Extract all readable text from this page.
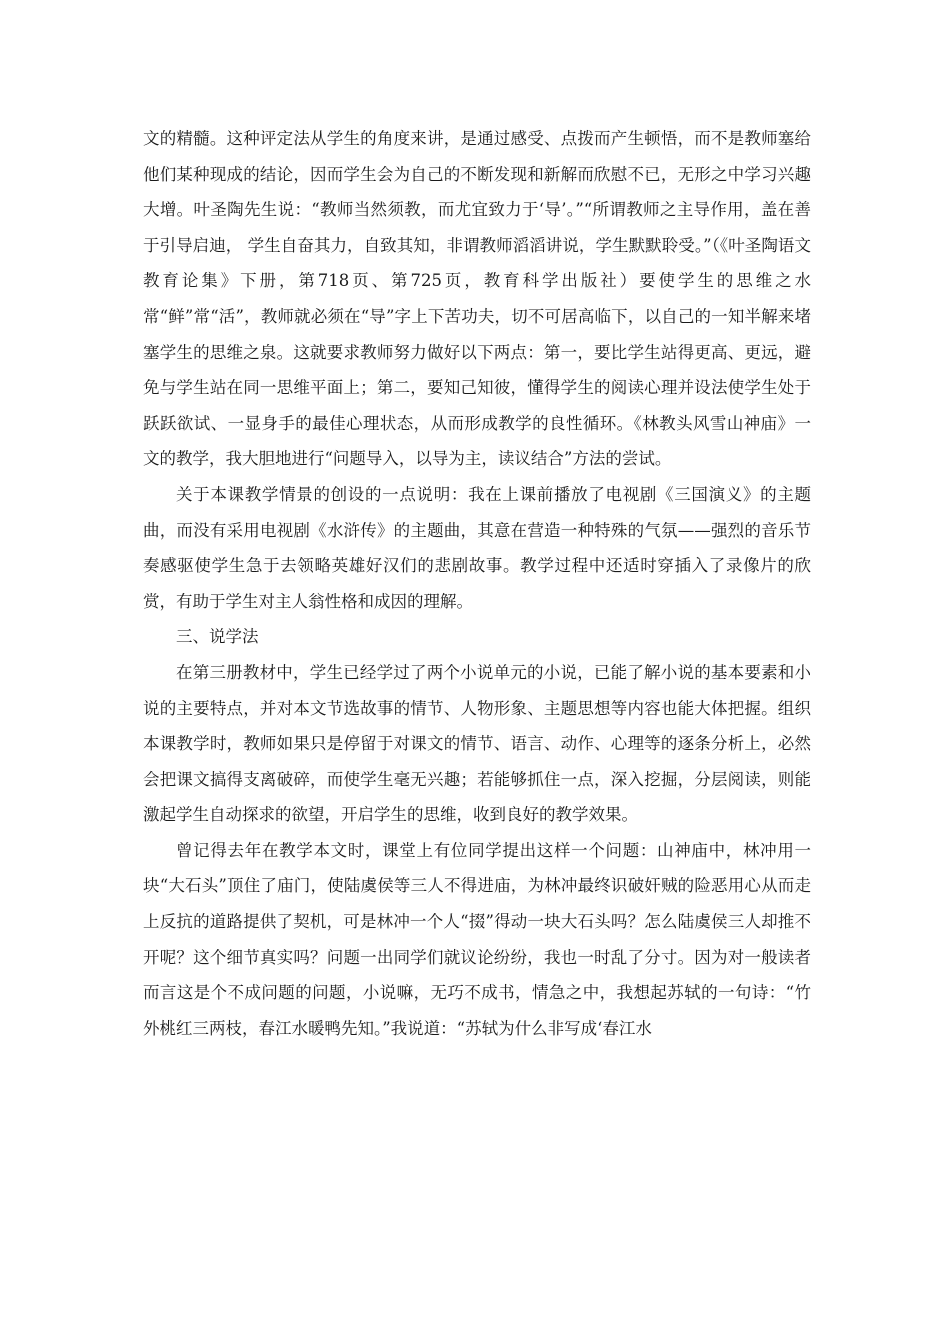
文的精髓。这种评定法从学生的角度来讲，是通过感受、点拨而产生顿悟，而不是教师塞给他们某种现成的结论，因而学生会为自己的不断发现和新解而欣慰不已，无形之中学习兴趣大增。叶圣陶先生说：“教师当然须教，而尤宜致力于‘导’。”“所谓教师之主导作用，盖在善于引导启迪， 学生自奋其力，自致其知，非谓教师滔滔讲说，学生默默聆受。”（《叶圣陶语文教育论集》下册，第718页、第725页，教育科学出版社）要使学生的思维之水常“鲜”常“活”，教师就必须在“导”字上下苦功夫，切不可居高临下，以自己的一知半解来堵塞学生的思维之泉。这就要求教师努力做好以下两点：第一，要比学生站得更高、更远，避免与学生站在同一思维平面上；第二，要知己知彼，懂得学生的阅读心理并设法使学生处于跃跃欲试、一显身手的最佳心理状态，从而形成教学的良性循环。《林教头风雪山神庙》一文的教学，我大胆地进行“问题导入，以导为主，读议结合”方法的尝试。

关于本课教学情景的创设的一点说明：我在上课前播放了电视剧《三国演义》的主题曲，而没有采用电视剧《水浒传》的主题曲，其意在营造一种特殊的气氛——强烈的音乐节奏感驱使学生急于去领略英雄好汉们的悲剧故事。教学过程中还适时穿插入了录像片的欣赏，有助于学生对主人翁性格和成因的理解。

三、说学法

在第三册教材中，学生已经学过了两个小说单元的小说，已能了解小说的基本要素和小说的主要特点，并对本文节选故事的情节、人物形象、主题思想等内容也能大体把握。组织本课教学时，教师如果只是停留于对课文的情节、语言、动作、心理等的逐条分析上，必然会把课文搞得支离破碎，而使学生毫无兴趣；若能够抓住一点，深入挖掘，分层阅读，则能激起学生自动探求的欲望，开启学生的思维，收到良好的教学效果。

曾记得去年在教学本文时，课堂上有位同学提出这样一个问题：山神庙中，林冲用一块“大石头”顶住了庙门，使陆虞侯等三人不得进庙，为林冲最终识破奸贼的险恶用心从而走上反抗的道路提供了契机，可是林冲一个人“掇”得动一块大石头吗？怎么陆虞侯三人却推不开呢？这个细节真实吗？问题一出同学们就议论纷纷，我也一时乱了分寸。因为对一般读者而言这是个不成问题的问题，小说嘛，无巧不成书，情急之中，我想起苏轼的一句诗：“竹外桃红三两枝，春江水暖鸭先知。”我说道：“苏轼为什么非写成‘春江水
